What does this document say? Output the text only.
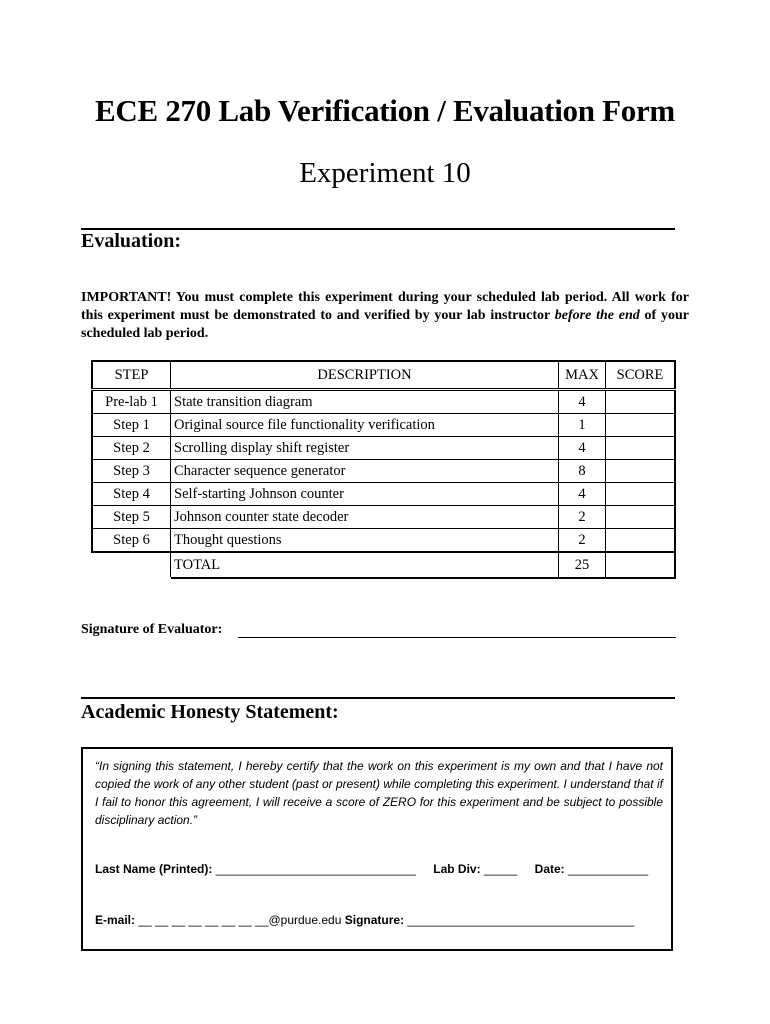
ECE 270 Lab Verification / Evaluation Form
Experiment 10
Evaluation:
IMPORTANT! You must complete this experiment during your scheduled lab period. All work for this experiment must be demonstrated to and verified by your lab instructor before the end of your scheduled lab period.
STEP	DESCRIPTION	MAX	SCORE
Pre-lab 1	State transition diagram	4	
Step 1	Original source file functionality verification	1	
Step 2	Scrolling display shift register	4	
Step 3	Character sequence generator	8	
Step 4	Self-starting Johnson counter	4	
Step 5	Johnson counter state decoder	2	
Step 6	Thought questions	2	
	TOTAL	25	
Signature of Evaluator:
Academic Honesty Statement:
“In signing this statement, I hereby certify that the work on this experiment is my own and that I have not copied the work of any other student (past or present) while completing this experiment. I understand that if I fail to honor this agreement, I will receive a score of ZERO for this experiment and be subject to possible disciplinary action.”
Last Name (Printed): ______________________________ Lab Div: _____ Date: ____________
E-mail: __ __ __ __ __ __ __ __@purdue.edu Signature: __________________________________
